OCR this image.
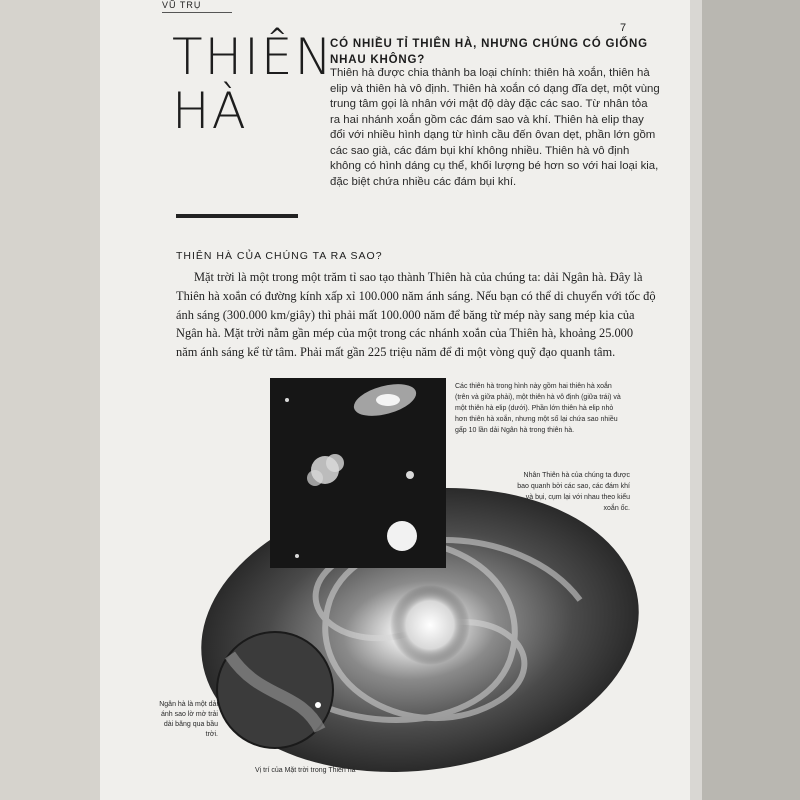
VŨ TRỤ
7
THIÊN
HÀ
CÓ NHIỀU TỈ THIÊN HÀ, NHƯNG CHÚNG CÓ GIỐNG NHAU KHÔNG?
Thiên hà được chia thành ba loại chính: thiên hà xoắn, thiên hà elip và thiên hà vô định. Thiên hà xoắn có dạng đĩa dẹt, một vùng trung tâm gọi là nhân với mật độ dày đặc các sao. Từ nhân tỏa ra hai nhánh xoắn gồm các đám sao và khí. Thiên hà elip thay đổi với nhiều hình dạng từ hình cầu đến ôvan dẹt, phần lớn gồm các sao già, các đám bụi khí không nhiều. Thiên hà vô định không có hình dáng cụ thể, khối lượng bé hơn so với hai loại kia, đặc biệt chứa nhiều các đám bụi khí.
THIÊN HÀ CỦA CHÚNG TA RA SAO?
Mặt trời là một trong một trăm tỉ sao tạo thành Thiên hà của chúng ta: dải Ngân hà. Đây là Thiên hà xoắn có đường kính xấp xỉ 100.000 năm ánh sáng. Nếu bạn có thể di chuyển với tốc độ ánh sáng (300.000 km/giây) thì phải mất 100.000 năm để băng từ mép này sang mép kia của Ngân hà. Mặt trời nằm gần mép của một trong các nhánh xoắn của Thiên hà, khoảng 25.000 năm ánh sáng kể từ tâm. Phải mất gần 225 triệu năm để đi một vòng quỹ đạo quanh tâm.
Các thiên hà trong hình này gồm hai thiên hà xoắn (trên và giữa phải), một thiên hà vô định (giữa trái) và một thiên hà elip (dưới). Phần lớn thiên hà elip nhỏ hơn thiên hà xoắn, nhưng một số lại chứa sao nhiều gấp 10 lần dải Ngân hà trong thiên hà.
Nhân Thiên hà của chúng ta được bao quanh bởi các sao, các đám khí và bụi, cụm lại với nhau theo kiểu xoắn ốc.
Ngân hà là một dải ánh sao lờ mờ trải dài băng qua bầu trời.
Vị trí của Mặt trời trong Thiên hà
